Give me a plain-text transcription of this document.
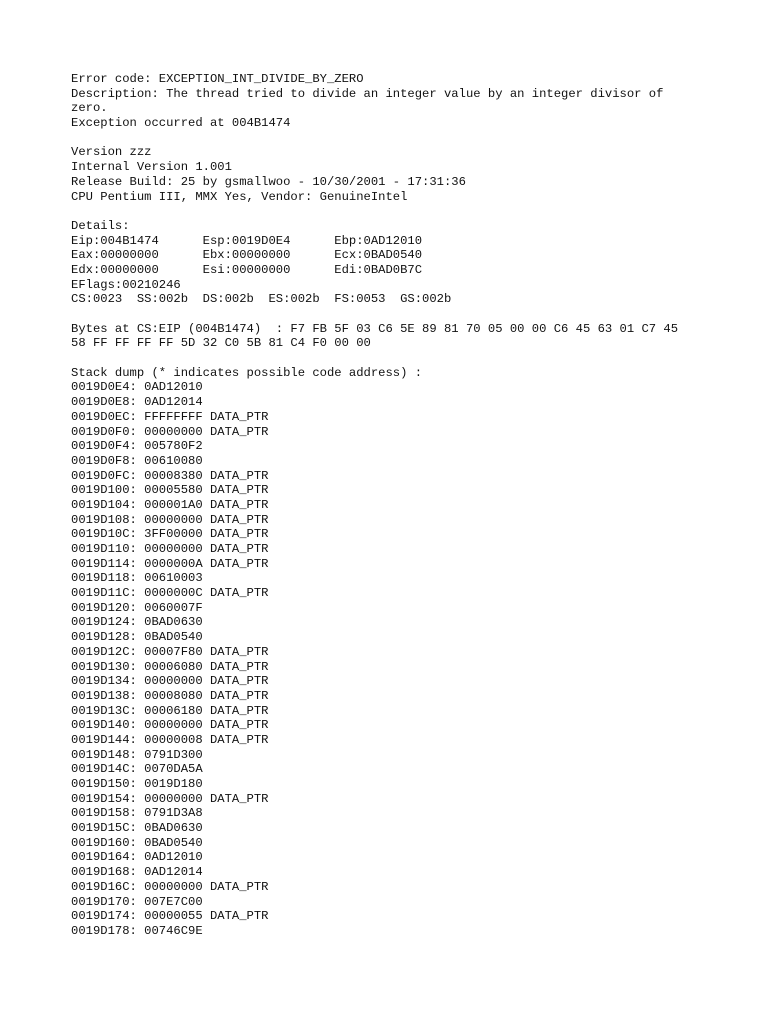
Error code: EXCEPTION_INT_DIVIDE_BY_ZERO
Description: The thread tried to divide an integer value by an integer divisor of
zero.
Exception occurred at 004B1474
Version zzz
Internal Version 1.001
Release Build: 25 by gsmallwoo - 10/30/2001 - 17:31:36
CPU Pentium III, MMX Yes, Vendor: GenuineIntel
Details:
Eip:004B1474      Esp:0019D0E4      Ebp:0AD12010
Eax:00000000      Ebx:00000000      Ecx:0BAD0540
Edx:00000000      Esi:00000000      Edi:0BAD0B7C
EFlags:00210246
CS:0023  SS:002b  DS:002b  ES:002b  FS:0053  GS:002b
Bytes at CS:EIP (004B1474)  : F7 FB 5F 03 C6 5E 89 81 70 05 00 00 C6 45 63 01 C7 45
58 FF FF FF FF 5D 32 C0 5B 81 C4 F0 00 00
Stack dump (* indicates possible code address) :
0019D0E4: 0AD12010
0019D0E8: 0AD12014
0019D0EC: FFFFFFFF DATA_PTR
0019D0F0: 00000000 DATA_PTR
0019D0F4: 005780F2
0019D0F8: 00610080
0019D0FC: 00008380 DATA_PTR
0019D100: 00005580 DATA_PTR
0019D104: 000001A0 DATA_PTR
0019D108: 00000000 DATA_PTR
0019D10C: 3FF00000 DATA_PTR
0019D110: 00000000 DATA_PTR
0019D114: 0000000A DATA_PTR
0019D118: 00610003
0019D11C: 0000000C DATA_PTR
0019D120: 0060007F
0019D124: 0BAD0630
0019D128: 0BAD0540
0019D12C: 00007F80 DATA_PTR
0019D130: 00006080 DATA_PTR
0019D134: 00000000 DATA_PTR
0019D138: 00008080 DATA_PTR
0019D13C: 00006180 DATA_PTR
0019D140: 00000000 DATA_PTR
0019D144: 00000008 DATA_PTR
0019D148: 0791D300
0019D14C: 0070DA5A
0019D150: 0019D180
0019D154: 00000000 DATA_PTR
0019D158: 0791D3A8
0019D15C: 0BAD0630
0019D160: 0BAD0540
0019D164: 0AD12010
0019D168: 0AD12014
0019D16C: 00000000 DATA_PTR
0019D170: 007E7C00
0019D174: 00000055 DATA_PTR
0019D178: 00746C9E
